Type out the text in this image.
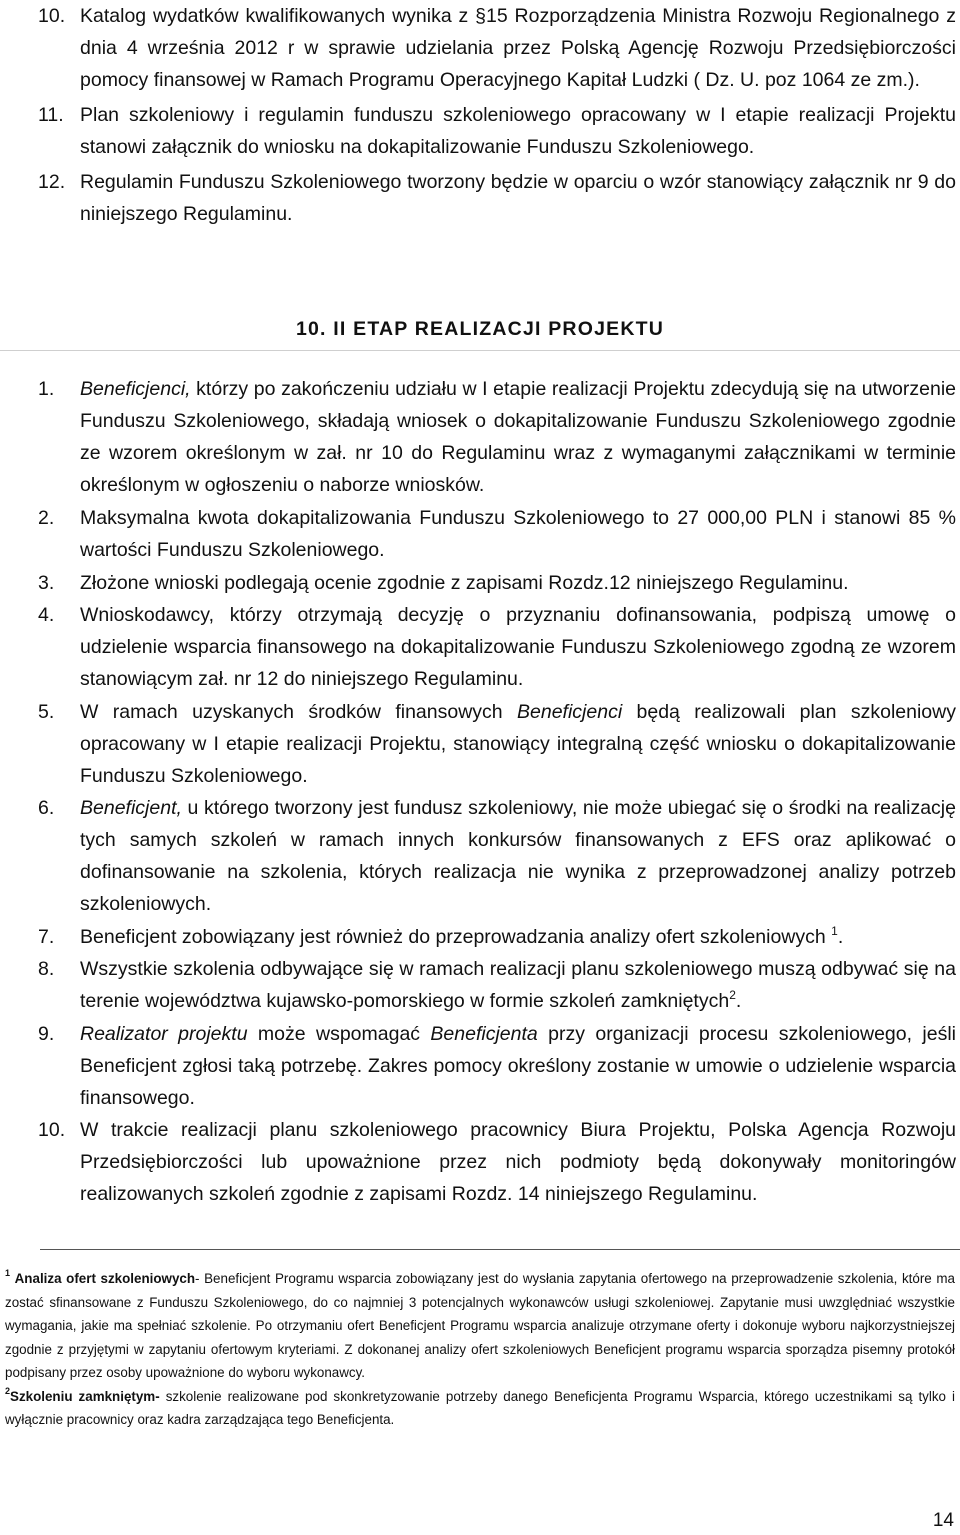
10. Katalog wydatków kwalifikowanych wynika z §15 Rozporządzenia Ministra Rozwoju Regionalnego z dnia 4 września 2012 r w sprawie udzielania przez Polską Agencję Rozwoju Przedsiębiorczości pomocy finansowej w Ramach Programu Operacyjnego Kapitał Ludzki ( Dz. U. poz 1064 ze zm.).
11. Plan szkoleniowy i regulamin funduszu szkoleniowego opracowany w I etapie realizacji Projektu stanowi załącznik do wniosku na dokapitalizowanie Funduszu Szkoleniowego.
12. Regulamin Funduszu Szkoleniowego tworzony będzie w oparciu o wzór stanowiący załącznik nr 9 do niniejszego Regulaminu.
10. II ETAP REALIZACJI PROJEKTU
1. Beneficjenci, którzy po zakończeniu udziału w I etapie realizacji Projektu zdecydują się na utworzenie Funduszu Szkoleniowego, składają wniosek o dokapitalizowanie Funduszu Szkoleniowego zgodnie ze wzorem określonym w zał. nr 10 do Regulaminu wraz z wymaganymi załącznikami w terminie określonym w ogłoszeniu o naborze wniosków.
2. Maksymalna kwota dokapitalizowania Funduszu Szkoleniowego to 27 000,00 PLN i stanowi 85 % wartości Funduszu Szkoleniowego.
3. Złożone wnioski podlegają ocenie zgodnie z zapisami Rozdz.12 niniejszego Regulaminu.
4. Wnioskodawcy, którzy otrzymają decyzję o przyznaniu dofinansowania, podpiszą umowę o udzielenie wsparcia finansowego na dokapitalizowanie Funduszu Szkoleniowego zgodną ze wzorem stanowiącym zał. nr 12 do niniejszego Regulaminu.
5. W ramach uzyskanych środków finansowych Beneficjenci będą realizowali plan szkoleniowy opracowany w I etapie realizacji Projektu, stanowiący integralną część wniosku o dokapitalizowanie Funduszu Szkoleniowego.
6. Beneficjent, u którego tworzony jest fundusz szkoleniowy, nie może ubiegać się o środki na realizację tych samych szkoleń w ramach innych konkursów finansowanych z EFS oraz aplikować o dofinansowanie na szkolenia, których realizacja nie wynika z przeprowadzonej analizy potrzeb szkoleniowych.
7. Beneficjent zobowiązany jest również do przeprowadzania analizy ofert szkoleniowych $^1$.
8. Wszystkie szkolenia odbywające się w ramach realizacji planu szkoleniowego muszą odbywać się na terenie województwa kujawsko-pomorskiego w formie szkoleń zamkniętych$^2$.
9. Realizator projektu może wspomagać Beneficjenta przy organizacji procesu szkoleniowego, jeśli Beneficjent zgłosi taką potrzebę. Zakres pomocy określony zostanie w umowie o udzielenie wsparcia finansowego.
10. W trakcie realizacji planu szkoleniowego pracownicy Biura Projektu, Polska Agencja Rozwoju Przedsiębiorczości lub upoważnione przez nich podmioty będą dokonywały monitoringów realizowanych szkoleń zgodnie z zapisami Rozdz. 14 niniejszego Regulaminu.

$^1$ Analiza ofert szkoleniowych- Beneficjent Programu wsparcia zobowiązany jest do wysłania zapytania ofertowego na przeprowadzenie szkolenia, które ma zostać sfinansowane z Funduszu Szkoleniowego, do co najmniej 3 potencjalnych wykonawców usługi szkoleniowej. Zapytanie musi uwzględniać wszystkie wymagania, jakie ma spełniać szkolenie. Po otrzymaniu ofert Beneficjent Programu wsparcia analizuje otrzymane oferty i dokonuje wyboru najkorzystniejszej zgodnie z przyjętymi w zapytaniu ofertowym kryteriami. Z dokonanej analizy ofert szkoleniowych Beneficjent programu wsparcia sporządza pisemny protokół podpisany przez osoby upoważnione do wyboru wykonawcy.

$^2$Szkoleniu zamkniętym- szkolenie realizowane pod skonkretyzowanie potrzeby danego Beneficjenta Programu Wsparcia, którego uczestnikami są tylko i wyłącznie pracownicy oraz kadra zarządzająca tego Beneficjenta.

14
